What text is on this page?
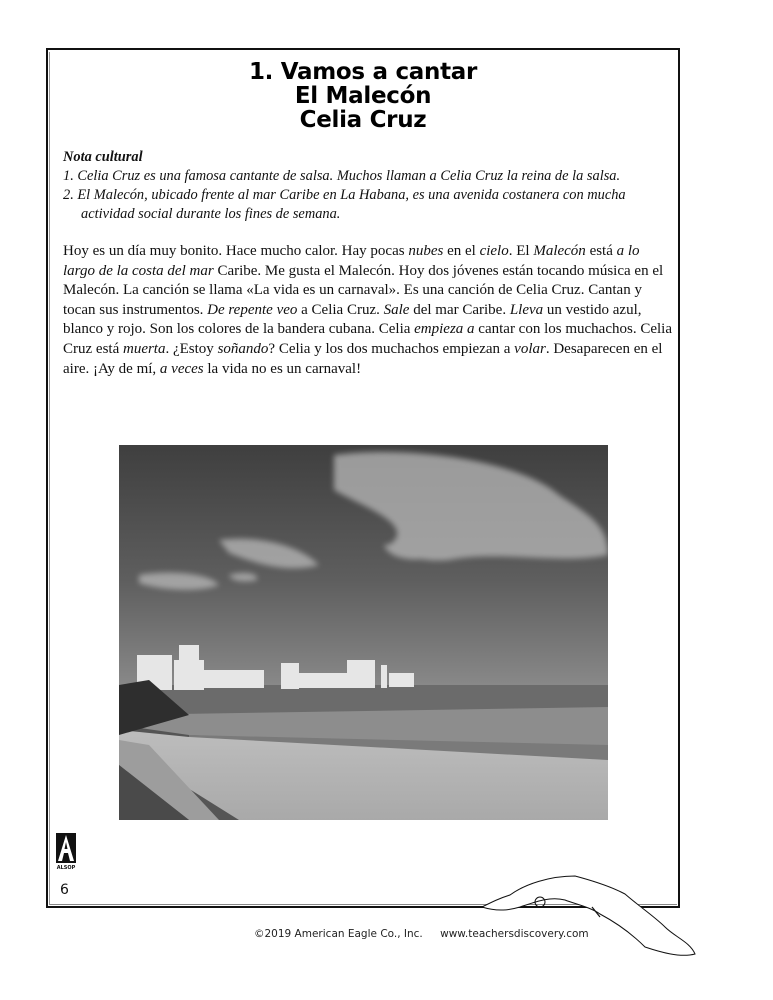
1. Vamos a cantar
El Malecón
Celia Cruz
Nota cultural
1. Celia Cruz es una famosa cantante de salsa. Muchos llaman a Celia Cruz la reina de la salsa.
2. El Malecón, ubicado frente al mar Caribe en La Habana, es una avenida costanera con mucha actividad social durante los fines de semana.
Hoy es un día muy bonito. Hace mucho calor. Hay pocas nubes en el cielo. El Malecón está a lo largo de la costa del mar Caribe. Me gusta el Malecón. Hoy dos jóvenes están tocando música en el Malecón. La canción se llama «La vida es un carnaval». Es una canción de Celia Cruz. Cantan y tocan sus instrumentos. De repente veo a Celia Cruz. Sale del mar Caribe. Lleva un vestido azul, blanco y rojo. Son los colores de la bandera cubana. Celia empieza a cantar con los muchachos. Celia Cruz está muerta. ¿Estoy soñando? Celia y los dos muchachos empiezan a volar. Desaparecen en el aire. ¡Ay de mí, a veces la vida no es un carnaval!
ALSOP
6
©2019 American Eagle Co., Inc. www.teachersdiscovery.com
